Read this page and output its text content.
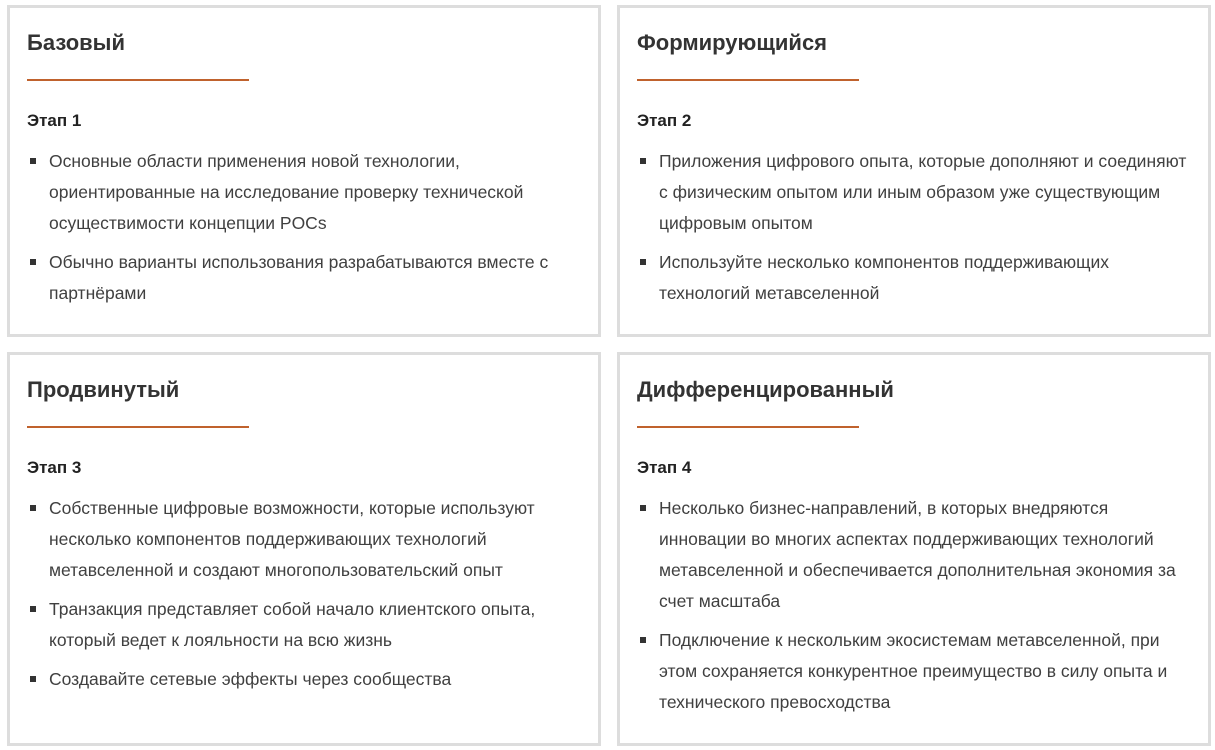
Базовый
Этап 1
Основные области применения новой технологии, ориентированные на исследование проверку технической осуществимости концепции POCs
Обычно варианты использования разрабатываются вместе с партнёрами
Формирующийся
Этап 2
Приложения цифрового опыта, которые дополняют и соединяют с физическим опытом или иным образом уже существующим цифровым опытом
Используйте несколько компонентов поддерживающих технологий метавселенной
Продвинутый
Этап 3
Собственные цифровые возможности, которые используют несколько компонентов поддерживающих технологий метавселенной и создают многопользовательский опыт
Транзакция представляет собой начало клиентского опыта, который ведет к лояльности на всю жизнь
Создавайте сетевые эффекты через сообщества
Дифференцированный
Этап 4
Несколько бизнес-направлений, в которых внедряются инновации во многих аспектах поддерживающих технологий метавселенной и обеспечивается дополнительная экономия за счет масштаба
Подключение к нескольким экосистемам метавселенной, при этом сохраняется конкурентное преимущество в силу опыта и технического превосходства
